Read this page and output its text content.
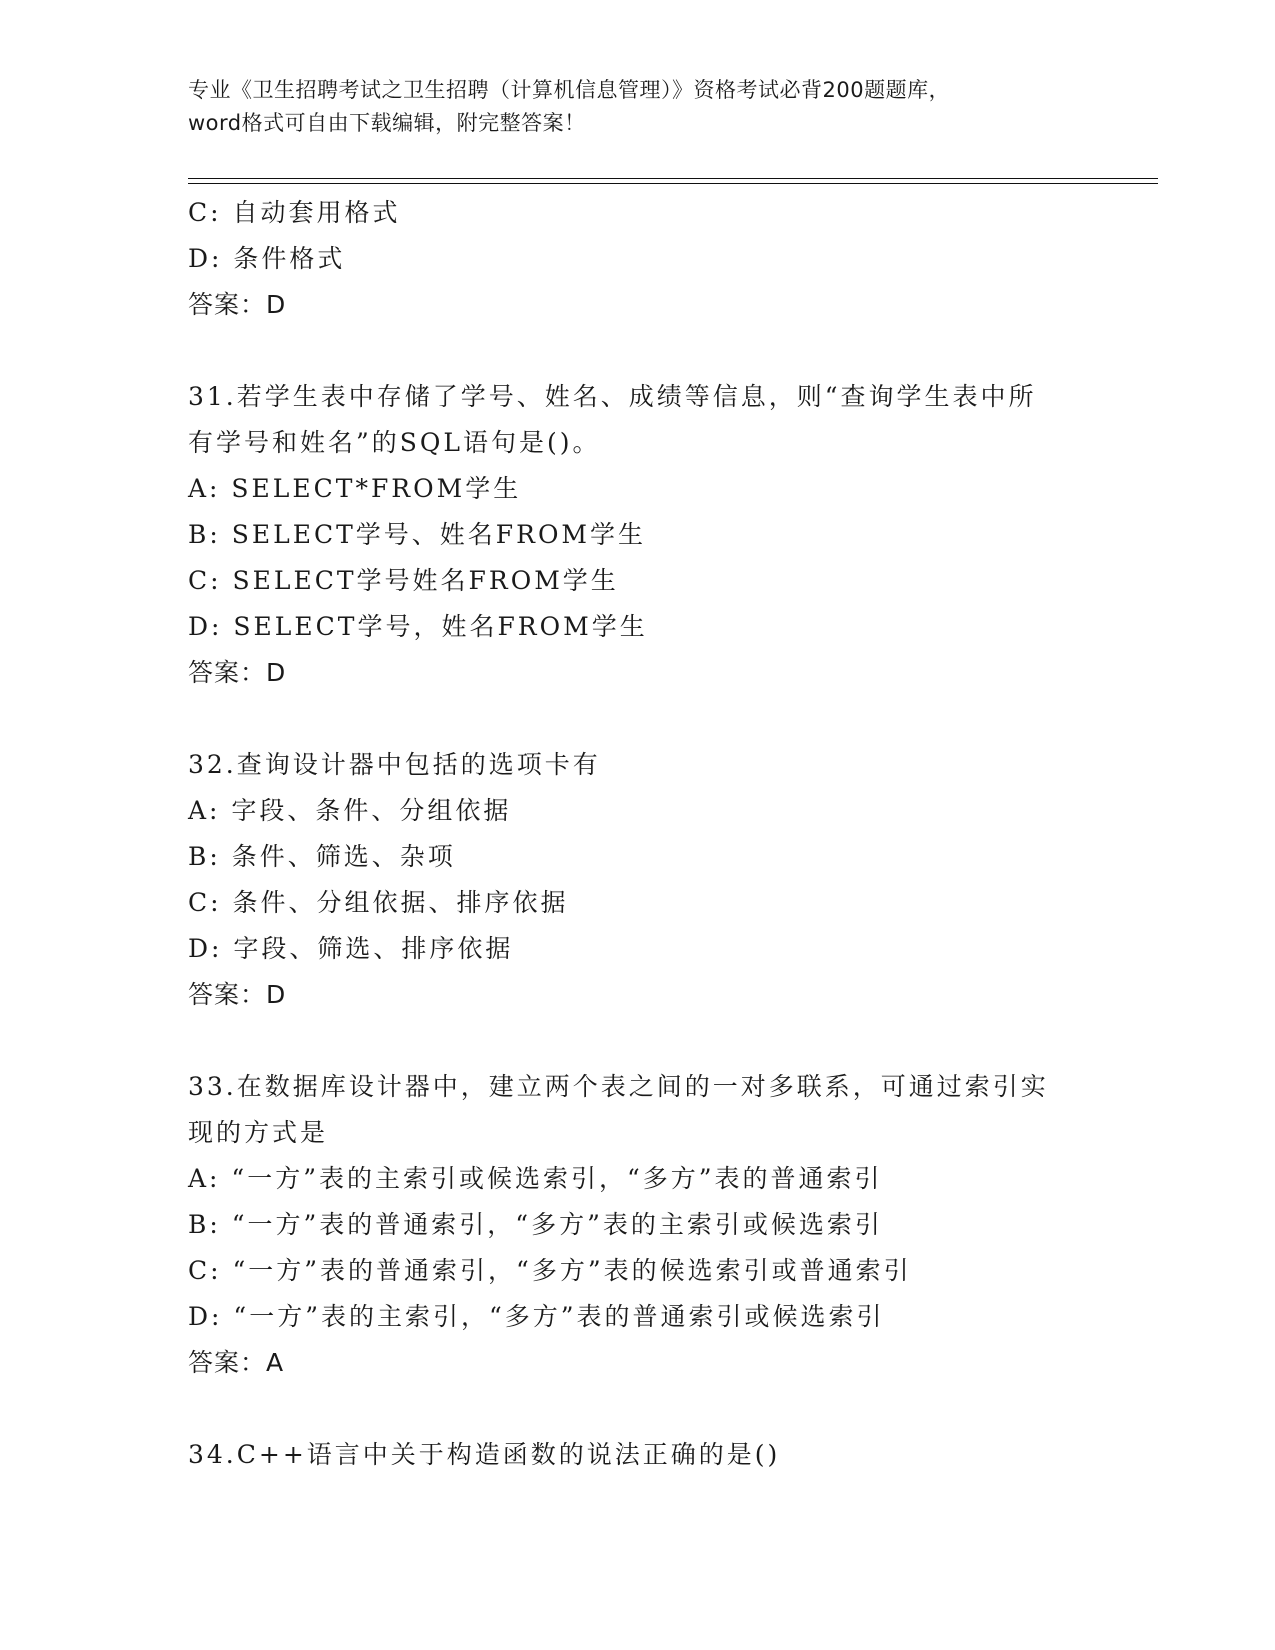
专业《卫生招聘考试之卫生招聘（计算机信息管理）》资格考试必背200题题库，
word格式可自由下载编辑，附完整答案！
C: 自动套用格式
D: 条件格式
答案：D
31.若学生表中存储了学号、姓名、成绩等信息，则“查询学生表中所
有学号和姓名”的SQL语句是()。
A: SELECT*FROM学生
B: SELECT学号、姓名FROM学生
C: SELECT学号姓名FROM学生
D: SELECT学号，姓名FROM学生
答案：D
32.查询设计器中包括的选项卡有
A: 字段、条件、分组依据
B: 条件、筛选、杂项
C: 条件、分组依据、排序依据
D: 字段、筛选、排序依据
答案：D
33.在数据库设计器中，建立两个表之间的一对多联系，可通过索引实
现的方式是
A: “一方”表的主索引或候选索引，“多方”表的普通索引
B: “一方”表的普通索引，“多方”表的主索引或候选索引
C: “一方”表的普通索引，“多方”表的候选索引或普通索引
D: “一方”表的主索引，“多方”表的普通索引或候选索引
答案：A
34.C++语言中关于构造函数的说法正确的是()
